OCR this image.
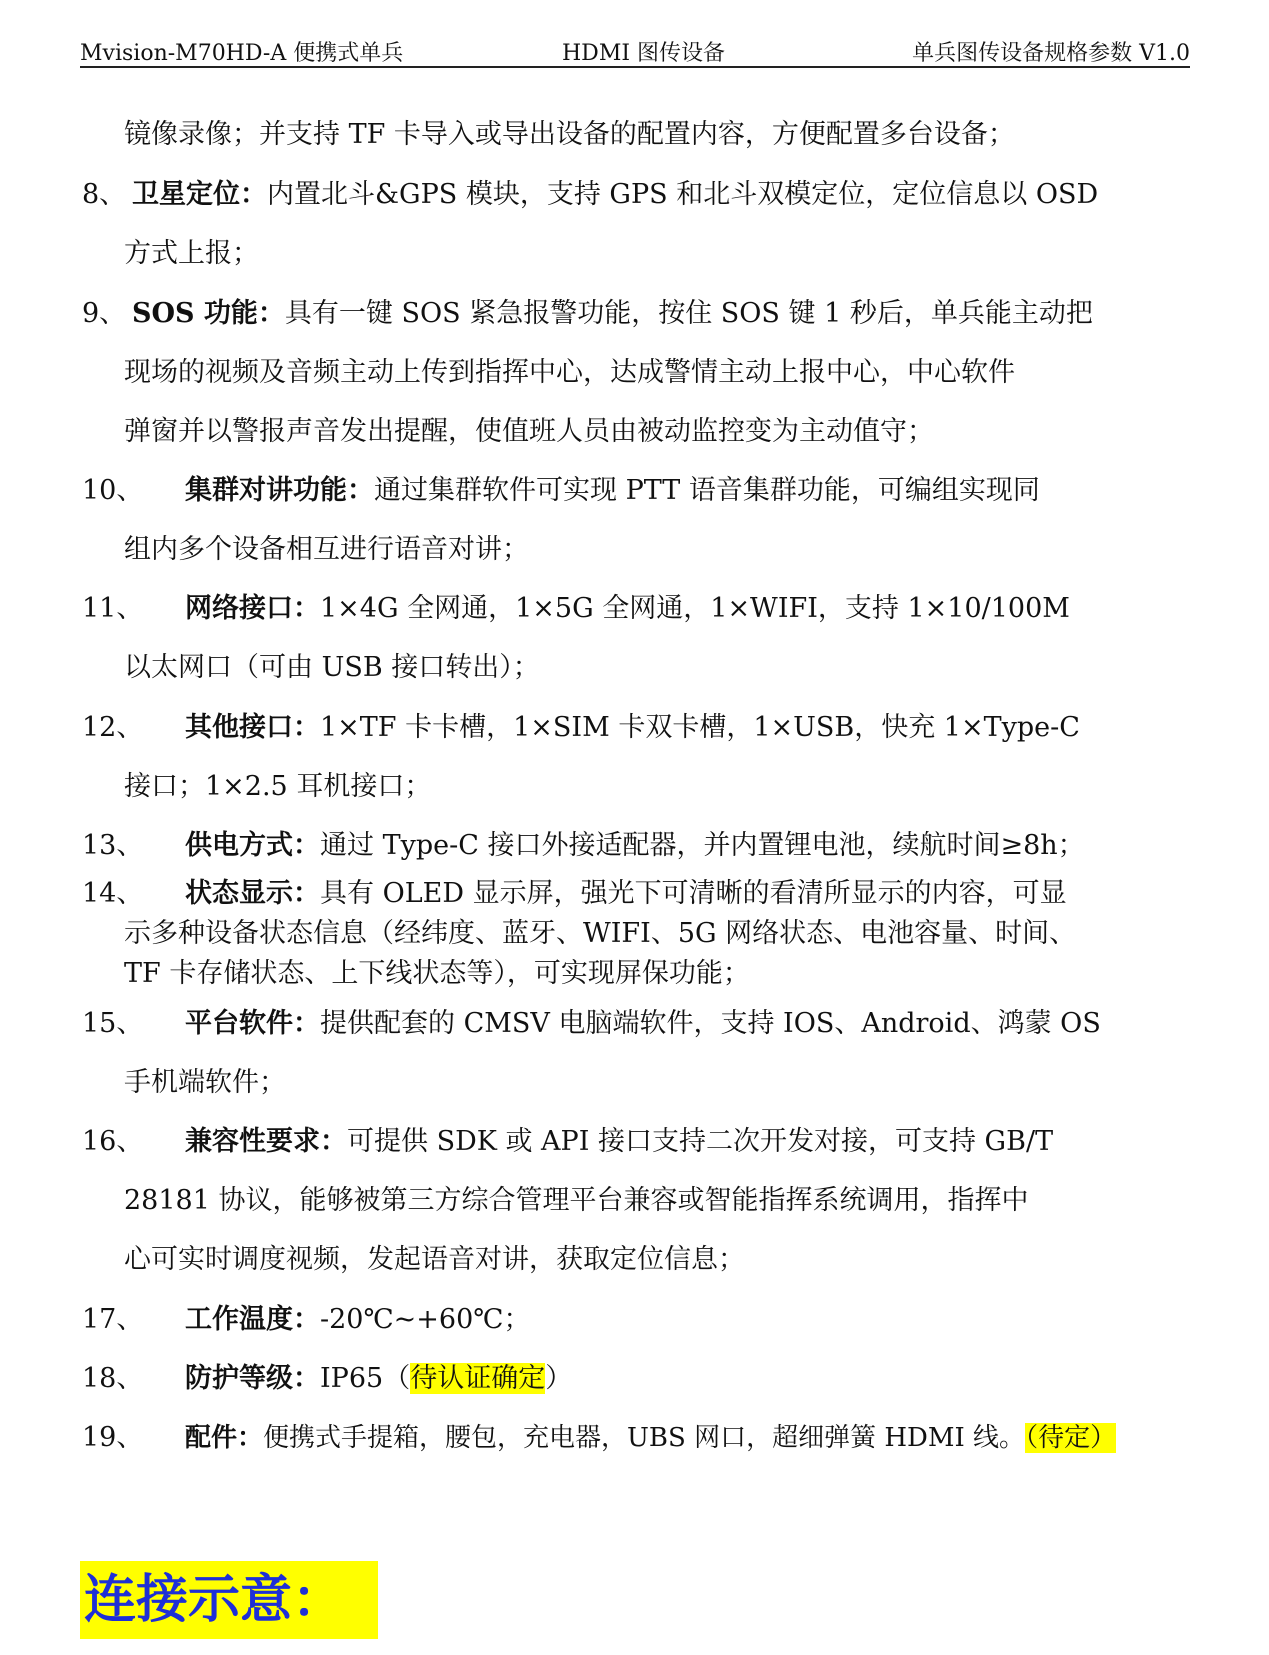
Mvision-M70HD-A 便携式单兵	HDMI 图传设备	单兵图传设备规格参数 V1.0
镜像录像；并支持 TF 卡导入或导出设备的配置内容，方便配置多台设备；
8、 卫星定位：内置北斗&GPS 模块，支持 GPS 和北斗双模定位，定位信息以 OSD
方式上报；
9、 SOS 功能：具有一键 SOS 紧急报警功能，按住 SOS 键 1 秒后，单兵能主动把
现场的视频及音频主动上传到指挥中心，达成警情主动上报中心，中心软件
弹窗并以警报声音发出提醒，使值班人员由被动监控变为主动值守；
10、 集群对讲功能：通过集群软件可实现 PTT 语音集群功能，可编组实现同
组内多个设备相互进行语音对讲；
11、 网络接口：1×4G 全网通，1×5G 全网通，1×WIFI，支持 1×10/100M
以太网口（可由 USB 接口转出）；
12、 其他接口：1×TF 卡卡槽，1×SIM 卡双卡槽，1×USB，快充 1×Type-C
接口；1×2.5 耳机接口；
13、 供电方式：通过 Type-C 接口外接适配器，并内置锂电池，续航时间≥8h；
14、 状态显示：具有 OLED 显示屏，强光下可清晰的看清所显示的内容，可显
示多种设备状态信息（经纬度、蓝牙、WIFI、5G 网络状态、电池容量、时间、
TF 卡存储状态、上下线状态等），可实现屏保功能；
15、 平台软件：提供配套的 CMSV 电脑端软件，支持 IOS、Android、鸿蒙 OS
手机端软件；
16、 兼容性要求：可提供 SDK 或 API 接口支持二次开发对接，可支持 GB/T
28181 协议，能够被第三方综合管理平台兼容或智能指挥系统调用，指挥中
心可实时调度视频，发起语音对讲，获取定位信息；
17、 工作温度：-20℃~+60℃；
18、 防护等级：IP65（待认证确定）
19、 配件：便携式手提箱，腰包，充电器，UBS 网口，超细弹簧 HDMI 线。（待定）
连接示意：
